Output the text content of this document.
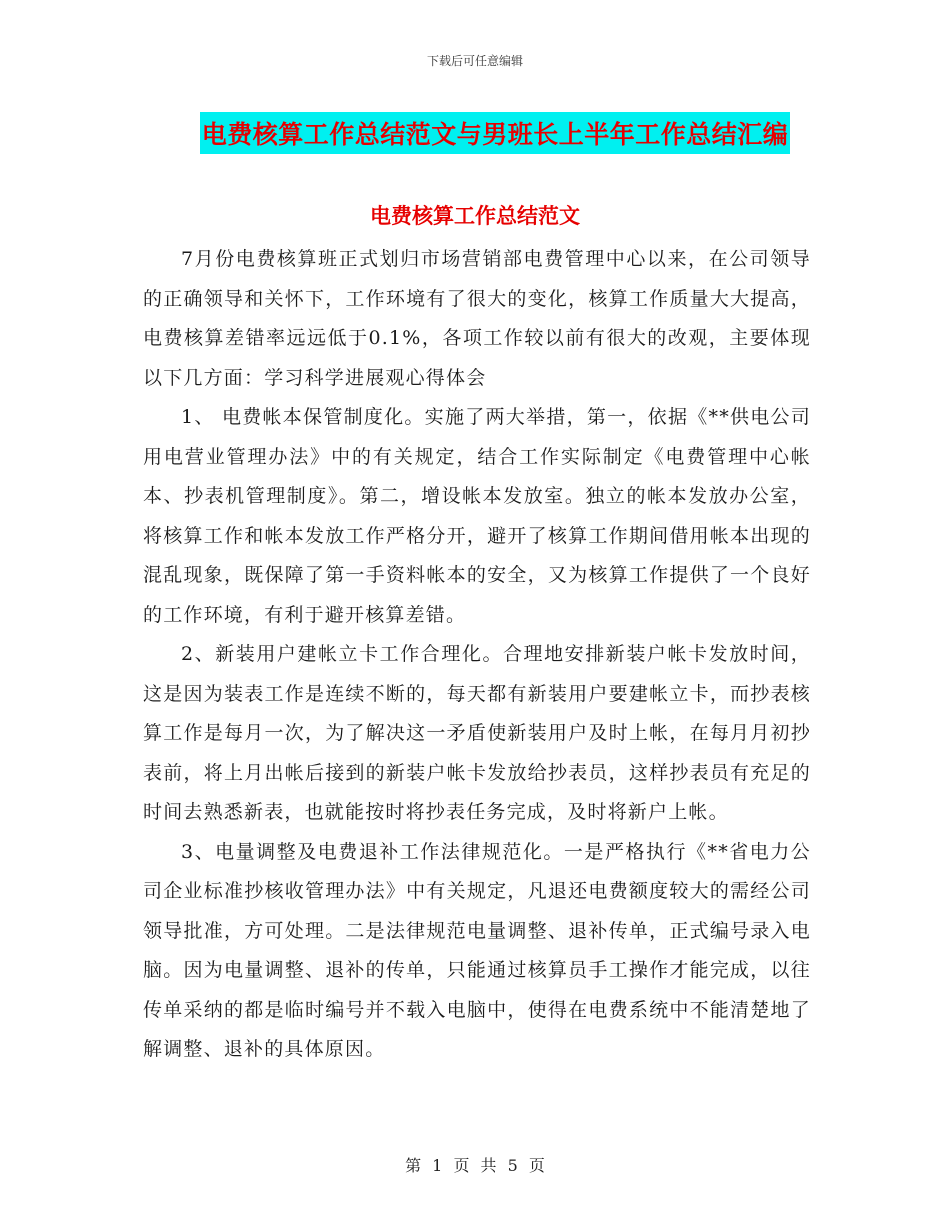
下载后可任意编辑
电费核算工作总结范文与男班长上半年工作总结汇编
电费核算工作总结范文

7月份电费核算班正式划归市场营销部电费管理中心以来，在公司领导的正确领导和关怀下，工作环境有了很大的变化，核算工作质量大大提高，电费核算差错率远远低于0.1%，各项工作较以前有很大的改观，主要体现以下几方面：学习科学进展观心得体会

1、 电费帐本保管制度化。实施了两大举措，第一，依据《**供电公司用电营业管理办法》中的有关规定，结合工作实际制定《电费管理中心帐本、抄表机管理制度》。第二，增设帐本发放室。独立的帐本发放办公室，将核算工作和帐本发放工作严格分开，避开了核算工作期间借用帐本出现的混乱现象，既保障了第一手资料帐本的安全，又为核算工作提供了一个良好的工作环境，有利于避开核算差错。

2、新装用户建帐立卡工作合理化。合理地安排新装户帐卡发放时间，这是因为装表工作是连续不断的，每天都有新装用户要建帐立卡，而抄表核算工作是每月一次，为了解决这一矛盾使新装用户及时上帐，在每月月初抄表前，将上月出帐后接到的新装户帐卡发放给抄表员，这样抄表员有充足的时间去熟悉新表，也就能按时将抄表任务完成，及时将新户上帐。

3、电量调整及电费退补工作法律规范化。一是严格执行《**省电力公司企业标准抄核收管理办法》中有关规定，凡退还电费额度较大的需经公司领导批准，方可处理。二是法律规范电量调整、退补传单，正式编号录入电脑。因为电量调整、退补的传单，只能通过核算员手工操作才能完成，以往传单采纳的都是临时编号并不载入电脑中，使得在电费系统中不能清楚地了解调整、退补的具体原因。

第 1 页 共 5 页
